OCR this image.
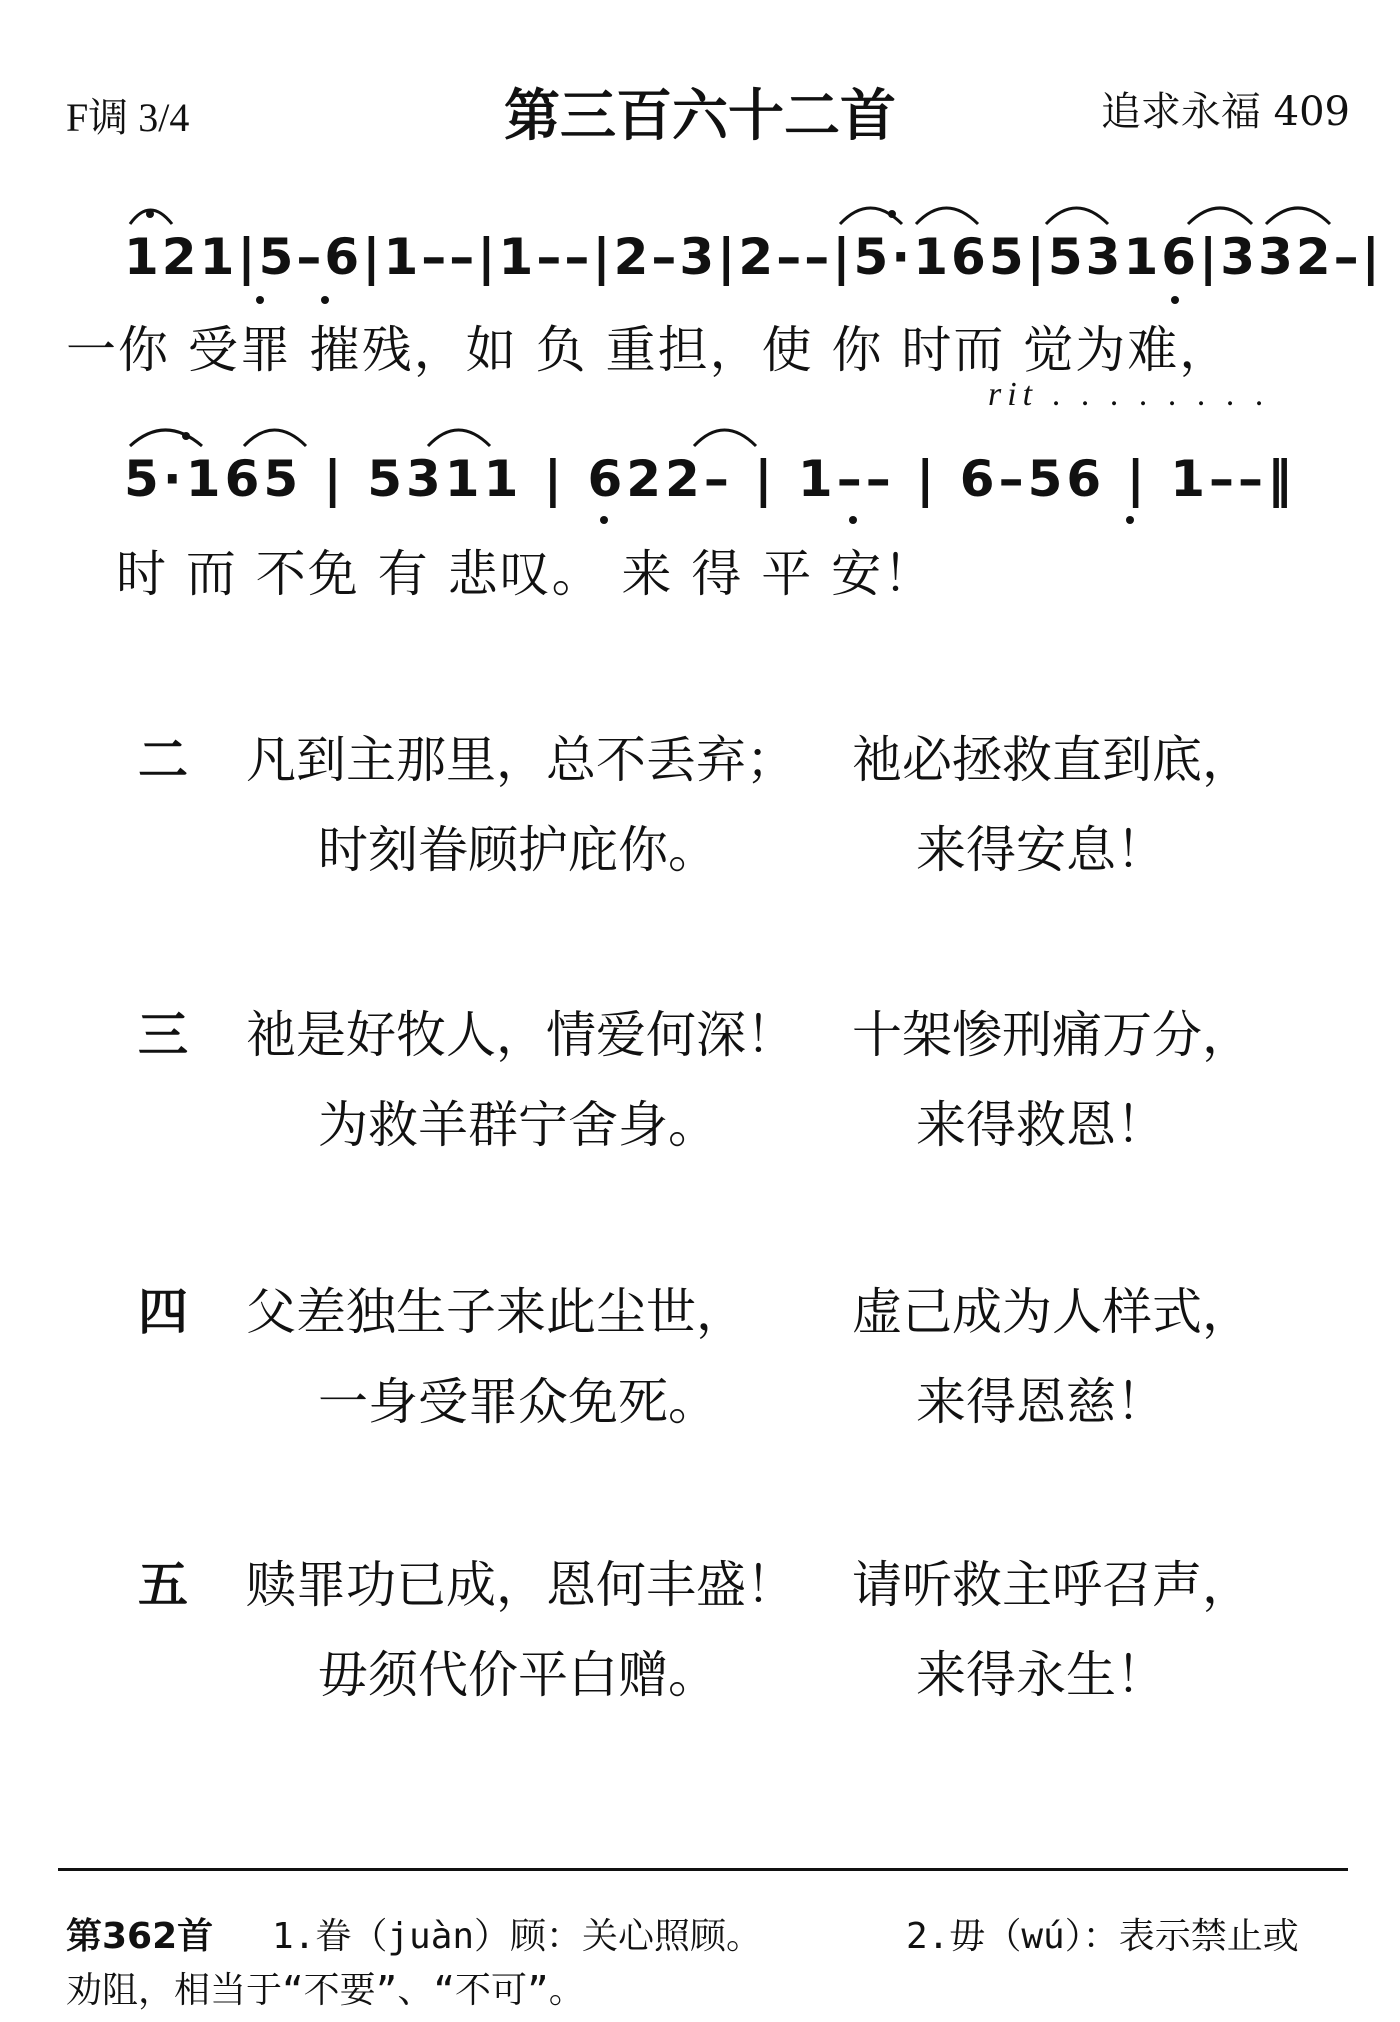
F调 3/4	第三百六十二首	追求永福 409
121|5–6|1––|1––|2–3|2––|5·165|5316|332–|
一你 受罪 摧残，如 负 重担，使 你 时而 觉为难，
rit . . . . . . . .
5·165 | 5311 | 622– | 1–– | 6–56 | 1––‖
时 而 不免 有 悲叹。 来 得 平 安！
二 凡到主那里，总不丢弃； 祂必拯救直到底，
时刻眷顾护庇你。	来得安息！
三 祂是好牧人，情爱何深！ 十架惨刑痛万分，
为救羊群宁舍身。	来得救恩！
四 父差独生子来此尘世， 虚己成为人样式，
一身受罪众免死。	来得恩慈！
五 赎罪功已成，恩何丰盛！ 请听救主呼召声，
毋须代价平白赠。	来得永生！
第362首 1.眷（juàn）顾：关心照顾。	2.毋（wú）：表示禁止或
劝阻，相当于“不要”、“不可”。
